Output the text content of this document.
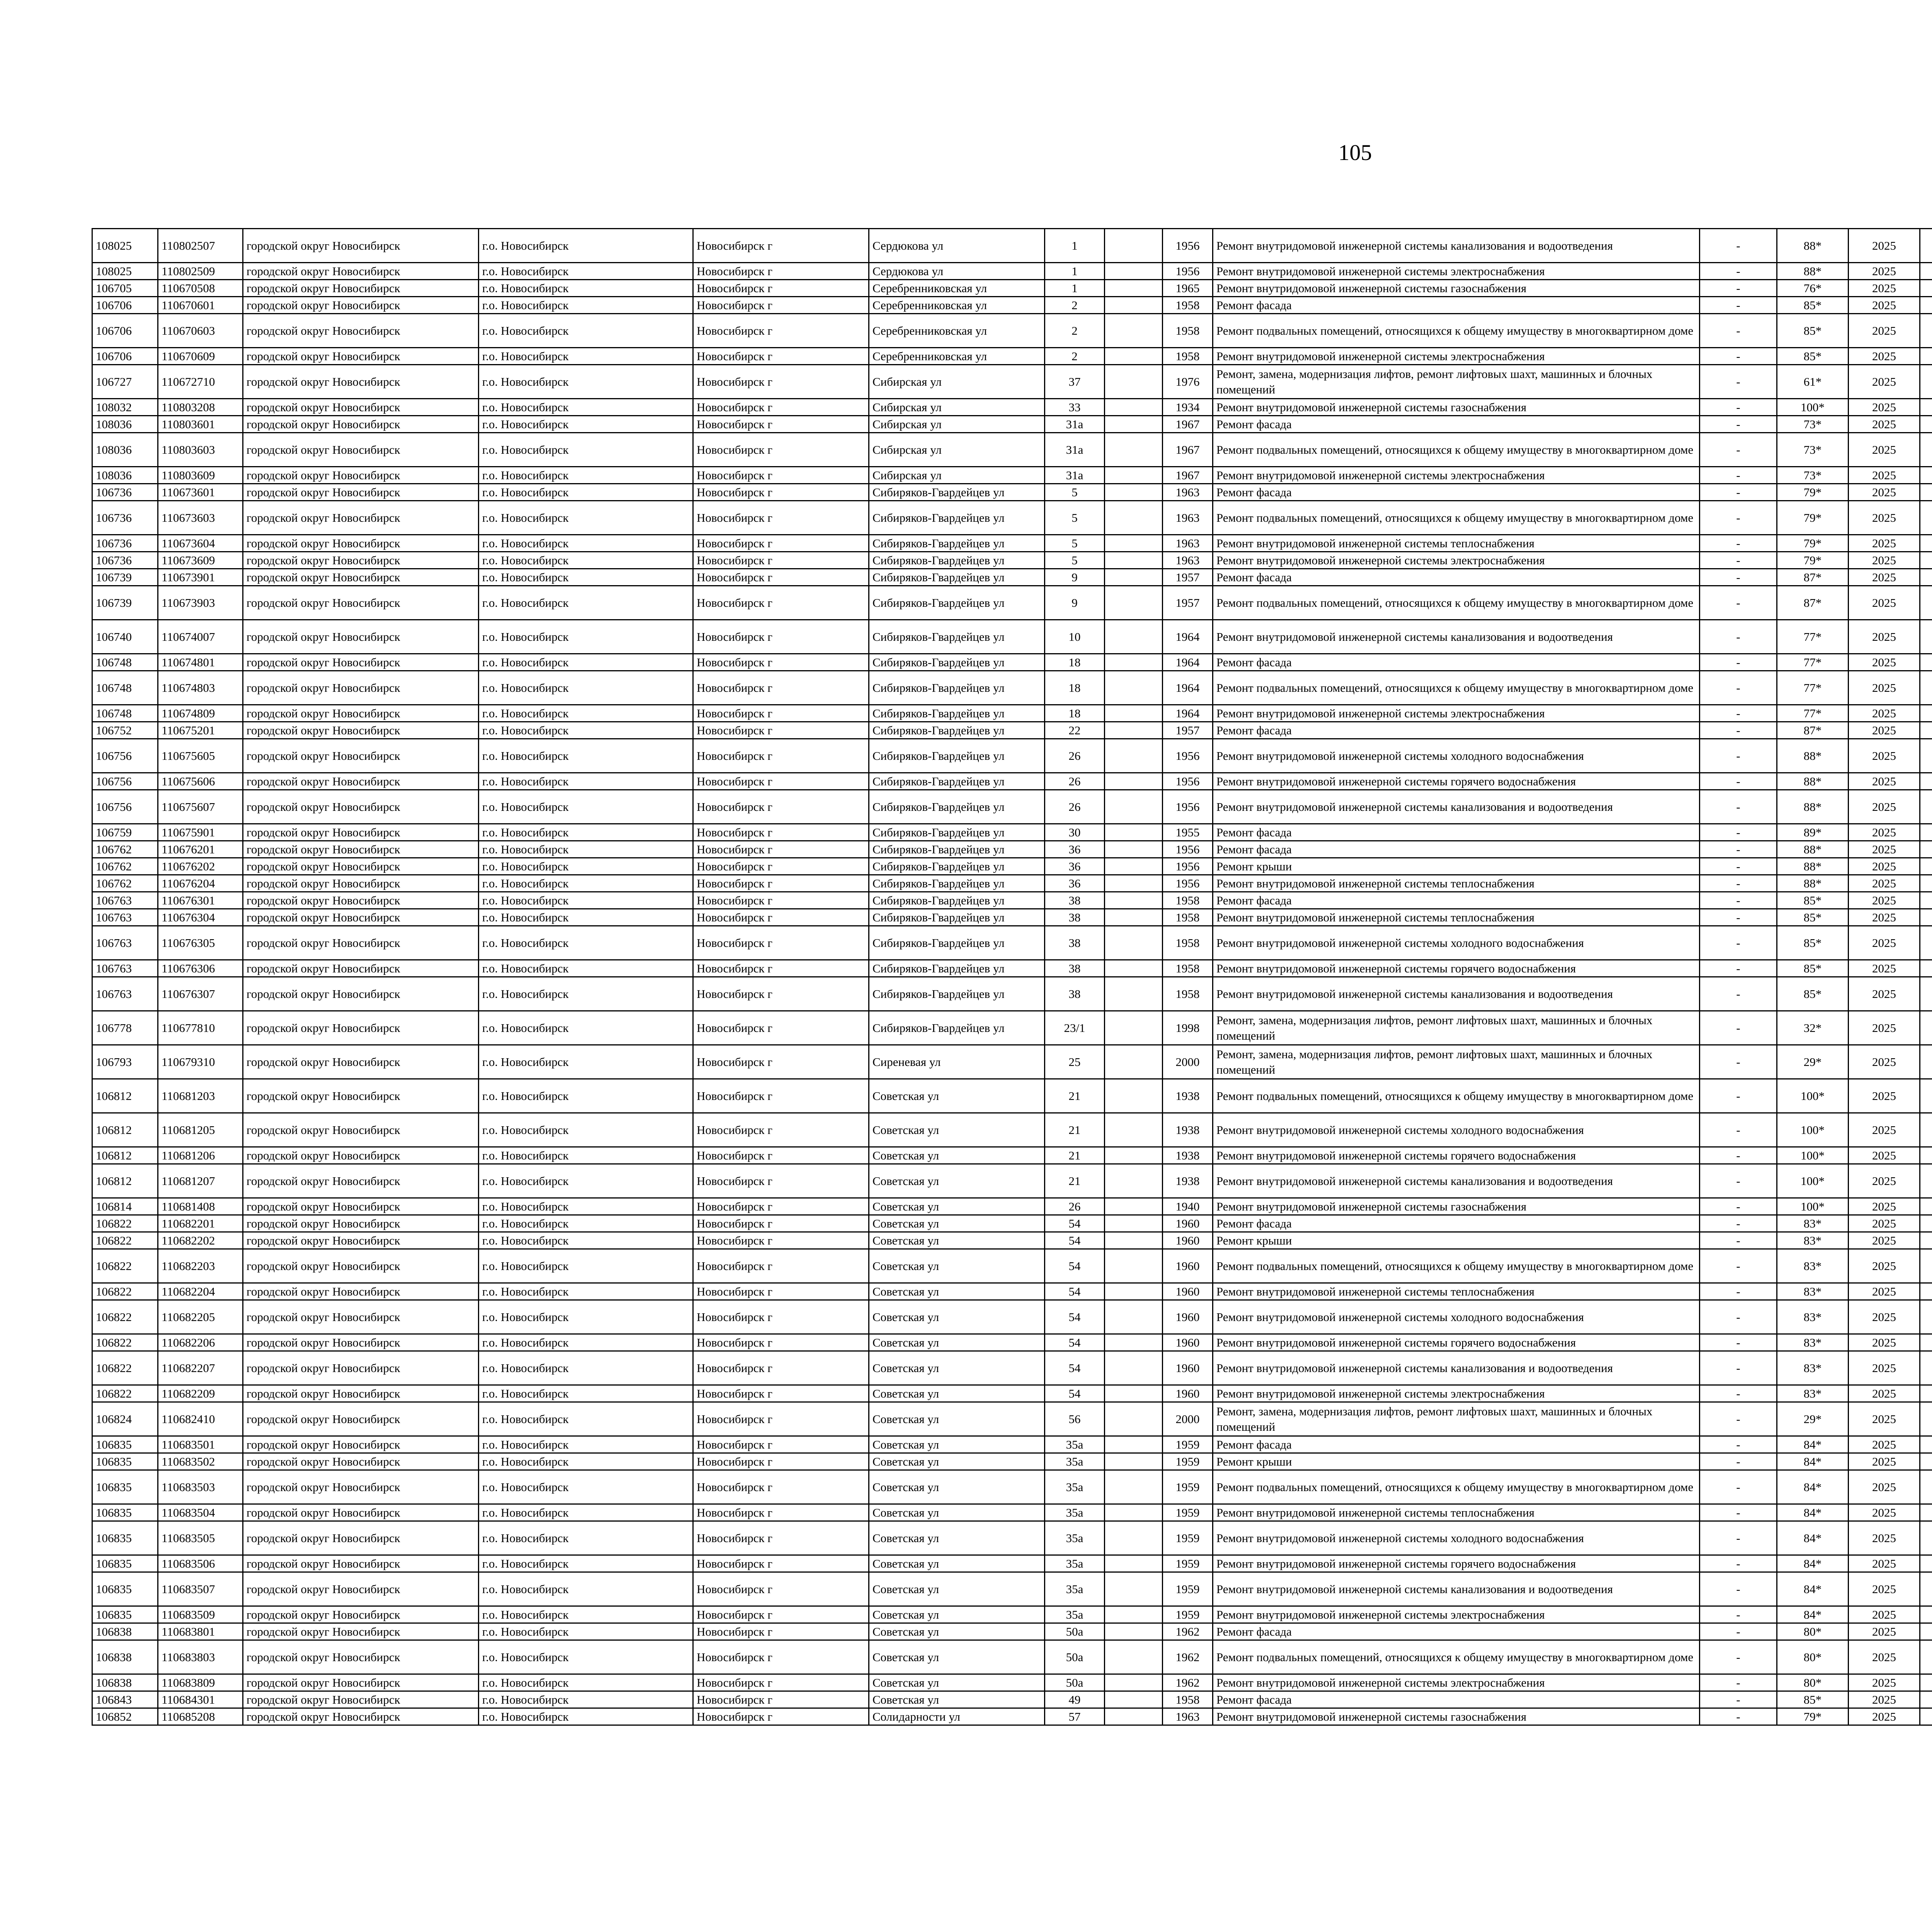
105
108025	110802507	городской округ Новосибирск	г.о. Новосибирск	Новосибирск г	Сердюкова ул	1		1956	Ремонт внутридомовой инженерной системы канализования и водоотведения	-	88*	2025						
108025	110802509	городской округ Новосибирск	г.о. Новосибирск	Новосибирск г	Сердюкова ул	1		1956	Ремонт внутридомовой инженерной системы электроснабжения	-	88*	2025						
106705	110670508	городской округ Новосибирск	г.о. Новосибирск	Новосибирск г	Серебренниковская ул	1		1965	Ремонт внутридомовой инженерной системы газоснабжения	-	76*	2025						
106706	110670601	городской округ Новосибирск	г.о. Новосибирск	Новосибирск г	Серебренниковская ул	2		1958	Ремонт фасада	-	85*	2025						
106706	110670603	городской округ Новосибирск	г.о. Новосибирск	Новосибирск г	Серебренниковская ул	2		1958	Ремонт подвальных помещений, относящихся к общему имуществу в многоквартирном доме	-	85*	2025						
106706	110670609	городской округ Новосибирск	г.о. Новосибирск	Новосибирск г	Серебренниковская ул	2		1958	Ремонт внутридомовой инженерной системы электроснабжения	-	85*	2025						
106727	110672710	городской округ Новосибирск	г.о. Новосибирск	Новосибирск г	Сибирская ул	37		1976	Ремонт, замена, модернизация лифтов, ремонт лифтовых шахт, машинных и блочных помещений	-	61*	2025						
108032	110803208	городской округ Новосибирск	г.о. Новосибирск	Новосибирск г	Сибирская ул	33		1934	Ремонт внутридомовой инженерной системы газоснабжения	-	100*	2025						
108036	110803601	городской округ Новосибирск	г.о. Новосибирск	Новосибирск г	Сибирская ул	31а		1967	Ремонт фасада	-	73*	2025						
108036	110803603	городской округ Новосибирск	г.о. Новосибирск	Новосибирск г	Сибирская ул	31а		1967	Ремонт подвальных помещений, относящихся к общему имуществу в многоквартирном доме	-	73*	2025						
108036	110803609	городской округ Новосибирск	г.о. Новосибирск	Новосибирск г	Сибирская ул	31а		1967	Ремонт внутридомовой инженерной системы электроснабжения	-	73*	2025						
106736	110673601	городской округ Новосибирск	г.о. Новосибирск	Новосибирск г	Сибиряков-Гвардейцев ул	5		1963	Ремонт фасада	-	79*	2025						
106736	110673603	городской округ Новосибирск	г.о. Новосибирск	Новосибирск г	Сибиряков-Гвардейцев ул	5		1963	Ремонт подвальных помещений, относящихся к общему имуществу в многоквартирном доме	-	79*	2025						
106736	110673604	городской округ Новосибирск	г.о. Новосибирск	Новосибирск г	Сибиряков-Гвардейцев ул	5		1963	Ремонт внутридомовой инженерной системы теплоснабжения	-	79*	2025						
106736	110673609	городской округ Новосибирск	г.о. Новосибирск	Новосибирск г	Сибиряков-Гвардейцев ул	5		1963	Ремонт внутридомовой инженерной системы электроснабжения	-	79*	2025						
106739	110673901	городской округ Новосибирск	г.о. Новосибирск	Новосибирск г	Сибиряков-Гвардейцев ул	9		1957	Ремонт фасада	-	87*	2025						
106739	110673903	городской округ Новосибирск	г.о. Новосибирск	Новосибирск г	Сибиряков-Гвардейцев ул	9		1957	Ремонт подвальных помещений, относящихся к общему имуществу в многоквартирном доме	-	87*	2025						
106740	110674007	городской округ Новосибирск	г.о. Новосибирск	Новосибирск г	Сибиряков-Гвардейцев ул	10		1964	Ремонт внутридомовой инженерной системы канализования и водоотведения	-	77*	2025						
106748	110674801	городской округ Новосибирск	г.о. Новосибирск	Новосибирск г	Сибиряков-Гвардейцев ул	18		1964	Ремонт фасада	-	77*	2025						
106748	110674803	городской округ Новосибирск	г.о. Новосибирск	Новосибирск г	Сибиряков-Гвардейцев ул	18		1964	Ремонт подвальных помещений, относящихся к общему имуществу в многоквартирном доме	-	77*	2025						
106748	110674809	городской округ Новосибирск	г.о. Новосибирск	Новосибирск г	Сибиряков-Гвардейцев ул	18		1964	Ремонт внутридомовой инженерной системы электроснабжения	-	77*	2025						
106752	110675201	городской округ Новосибирск	г.о. Новосибирск	Новосибирск г	Сибиряков-Гвардейцев ул	22		1957	Ремонт фасада	-	87*	2025						
106756	110675605	городской округ Новосибирск	г.о. Новосибирск	Новосибирск г	Сибиряков-Гвардейцев ул	26		1956	Ремонт внутридомовой инженерной системы холодного водоснабжения	-	88*	2025						
106756	110675606	городской округ Новосибирск	г.о. Новосибирск	Новосибирск г	Сибиряков-Гвардейцев ул	26		1956	Ремонт внутридомовой инженерной системы горячего водоснабжения	-	88*	2025						
106756	110675607	городской округ Новосибирск	г.о. Новосибирск	Новосибирск г	Сибиряков-Гвардейцев ул	26		1956	Ремонт внутридомовой инженерной системы канализования и водоотведения	-	88*	2025						
106759	110675901	городской округ Новосибирск	г.о. Новосибирск	Новосибирск г	Сибиряков-Гвардейцев ул	30		1955	Ремонт фасада	-	89*	2025						
106762	110676201	городской округ Новосибирск	г.о. Новосибирск	Новосибирск г	Сибиряков-Гвардейцев ул	36		1956	Ремонт фасада	-	88*	2025						
106762	110676202	городской округ Новосибирск	г.о. Новосибирск	Новосибирск г	Сибиряков-Гвардейцев ул	36		1956	Ремонт крыши	-	88*	2025						
106762	110676204	городской округ Новосибирск	г.о. Новосибирск	Новосибирск г	Сибиряков-Гвардейцев ул	36		1956	Ремонт внутридомовой инженерной системы теплоснабжения	-	88*	2025						
106763	110676301	городской округ Новосибирск	г.о. Новосибирск	Новосибирск г	Сибиряков-Гвардейцев ул	38		1958	Ремонт фасада	-	85*	2025						
106763	110676304	городской округ Новосибирск	г.о. Новосибирск	Новосибирск г	Сибиряков-Гвардейцев ул	38		1958	Ремонт внутридомовой инженерной системы теплоснабжения	-	85*	2025						
106763	110676305	городской округ Новосибирск	г.о. Новосибирск	Новосибирск г	Сибиряков-Гвардейцев ул	38		1958	Ремонт внутридомовой инженерной системы холодного водоснабжения	-	85*	2025						
106763	110676306	городской округ Новосибирск	г.о. Новосибирск	Новосибирск г	Сибиряков-Гвардейцев ул	38		1958	Ремонт внутридомовой инженерной системы горячего водоснабжения	-	85*	2025						
106763	110676307	городской округ Новосибирск	г.о. Новосибирск	Новосибирск г	Сибиряков-Гвардейцев ул	38		1958	Ремонт внутридомовой инженерной системы канализования и водоотведения	-	85*	2025						
106778	110677810	городской округ Новосибирск	г.о. Новосибирск	Новосибирск г	Сибиряков-Гвардейцев ул	23/1		1998	Ремонт, замена, модернизация лифтов, ремонт лифтовых шахт, машинных и блочных помещений	-	32*	2025						
106793	110679310	городской округ Новосибирск	г.о. Новосибирск	Новосибирск г	Сиреневая ул	25		2000	Ремонт, замена, модернизация лифтов, ремонт лифтовых шахт, машинных и блочных помещений	-	29*	2025						
106812	110681203	городской округ Новосибирск	г.о. Новосибирск	Новосибирск г	Советская ул	21		1938	Ремонт подвальных помещений, относящихся к общему имуществу в многоквартирном доме	-	100*	2025						
106812	110681205	городской округ Новосибирск	г.о. Новосибирск	Новосибирск г	Советская ул	21		1938	Ремонт внутридомовой инженерной системы холодного водоснабжения	-	100*	2025						
106812	110681206	городской округ Новосибирск	г.о. Новосибирск	Новосибирск г	Советская ул	21		1938	Ремонт внутридомовой инженерной системы горячего водоснабжения	-	100*	2025						
106812	110681207	городской округ Новосибирск	г.о. Новосибирск	Новосибирск г	Советская ул	21		1938	Ремонт внутридомовой инженерной системы канализования и водоотведения	-	100*	2025						
106814	110681408	городской округ Новосибирск	г.о. Новосибирск	Новосибирск г	Советская ул	26		1940	Ремонт внутридомовой инженерной системы газоснабжения	-	100*	2025						
106822	110682201	городской округ Новосибирск	г.о. Новосибирск	Новосибирск г	Советская ул	54		1960	Ремонт фасада	-	83*	2025						
106822	110682202	городской округ Новосибирск	г.о. Новосибирск	Новосибирск г	Советская ул	54		1960	Ремонт крыши	-	83*	2025						
106822	110682203	городской округ Новосибирск	г.о. Новосибирск	Новосибирск г	Советская ул	54		1960	Ремонт подвальных помещений, относящихся к общему имуществу в многоквартирном доме	-	83*	2025						
106822	110682204	городской округ Новосибирск	г.о. Новосибирск	Новосибирск г	Советская ул	54		1960	Ремонт внутридомовой инженерной системы теплоснабжения	-	83*	2025						
106822	110682205	городской округ Новосибирск	г.о. Новосибирск	Новосибирск г	Советская ул	54		1960	Ремонт внутридомовой инженерной системы холодного водоснабжения	-	83*	2025						
106822	110682206	городской округ Новосибирск	г.о. Новосибирск	Новосибирск г	Советская ул	54		1960	Ремонт внутридомовой инженерной системы горячего водоснабжения	-	83*	2025						
106822	110682207	городской округ Новосибирск	г.о. Новосибирск	Новосибирск г	Советская ул	54		1960	Ремонт внутридомовой инженерной системы канализования и водоотведения	-	83*	2025						
106822	110682209	городской округ Новосибирск	г.о. Новосибирск	Новосибирск г	Советская ул	54		1960	Ремонт внутридомовой инженерной системы электроснабжения	-	83*	2025						
106824	110682410	городской округ Новосибирск	г.о. Новосибирск	Новосибирск г	Советская ул	56		2000	Ремонт, замена, модернизация лифтов, ремонт лифтовых шахт, машинных и блочных помещений	-	29*	2025						
106835	110683501	городской округ Новосибирск	г.о. Новосибирск	Новосибирск г	Советская ул	35а		1959	Ремонт фасада	-	84*	2025						
106835	110683502	городской округ Новосибирск	г.о. Новосибирск	Новосибирск г	Советская ул	35а		1959	Ремонт крыши	-	84*	2025						
106835	110683503	городской округ Новосибирск	г.о. Новосибирск	Новосибирск г	Советская ул	35а		1959	Ремонт подвальных помещений, относящихся к общему имуществу в многоквартирном доме	-	84*	2025						
106835	110683504	городской округ Новосибирск	г.о. Новосибирск	Новосибирск г	Советская ул	35а		1959	Ремонт внутридомовой инженерной системы теплоснабжения	-	84*	2025						
106835	110683505	городской округ Новосибирск	г.о. Новосибирск	Новосибирск г	Советская ул	35а		1959	Ремонт внутридомовой инженерной системы холодного водоснабжения	-	84*	2025						
106835	110683506	городской округ Новосибирск	г.о. Новосибирск	Новосибирск г	Советская ул	35а		1959	Ремонт внутридомовой инженерной системы горячего водоснабжения	-	84*	2025						
106835	110683507	городской округ Новосибирск	г.о. Новосибирск	Новосибирск г	Советская ул	35а		1959	Ремонт внутридомовой инженерной системы канализования и водоотведения	-	84*	2025						
106835	110683509	городской округ Новосибирск	г.о. Новосибирск	Новосибирск г	Советская ул	35а		1959	Ремонт внутридомовой инженерной системы электроснабжения	-	84*	2025						
106838	110683801	городской округ Новосибирск	г.о. Новосибирск	Новосибирск г	Советская ул	50а		1962	Ремонт фасада	-	80*	2025						
106838	110683803	городской округ Новосибирск	г.о. Новосибирск	Новосибирск г	Советская ул	50а		1962	Ремонт подвальных помещений, относящихся к общему имуществу в многоквартирном доме	-	80*	2025						
106838	110683809	городской округ Новосибирск	г.о. Новосибирск	Новосибирск г	Советская ул	50а		1962	Ремонт внутридомовой инженерной системы электроснабжения	-	80*	2025						
106843	110684301	городской округ Новосибирск	г.о. Новосибирск	Новосибирск г	Советская ул	49		1958	Ремонт фасада	-	85*	2025						
106852	110685208	городской округ Новосибирск	г.о. Новосибирск	Новосибирск г	Солидарности ул	57		1963	Ремонт внутридомовой инженерной системы газоснабжения	-	79*	2025						
